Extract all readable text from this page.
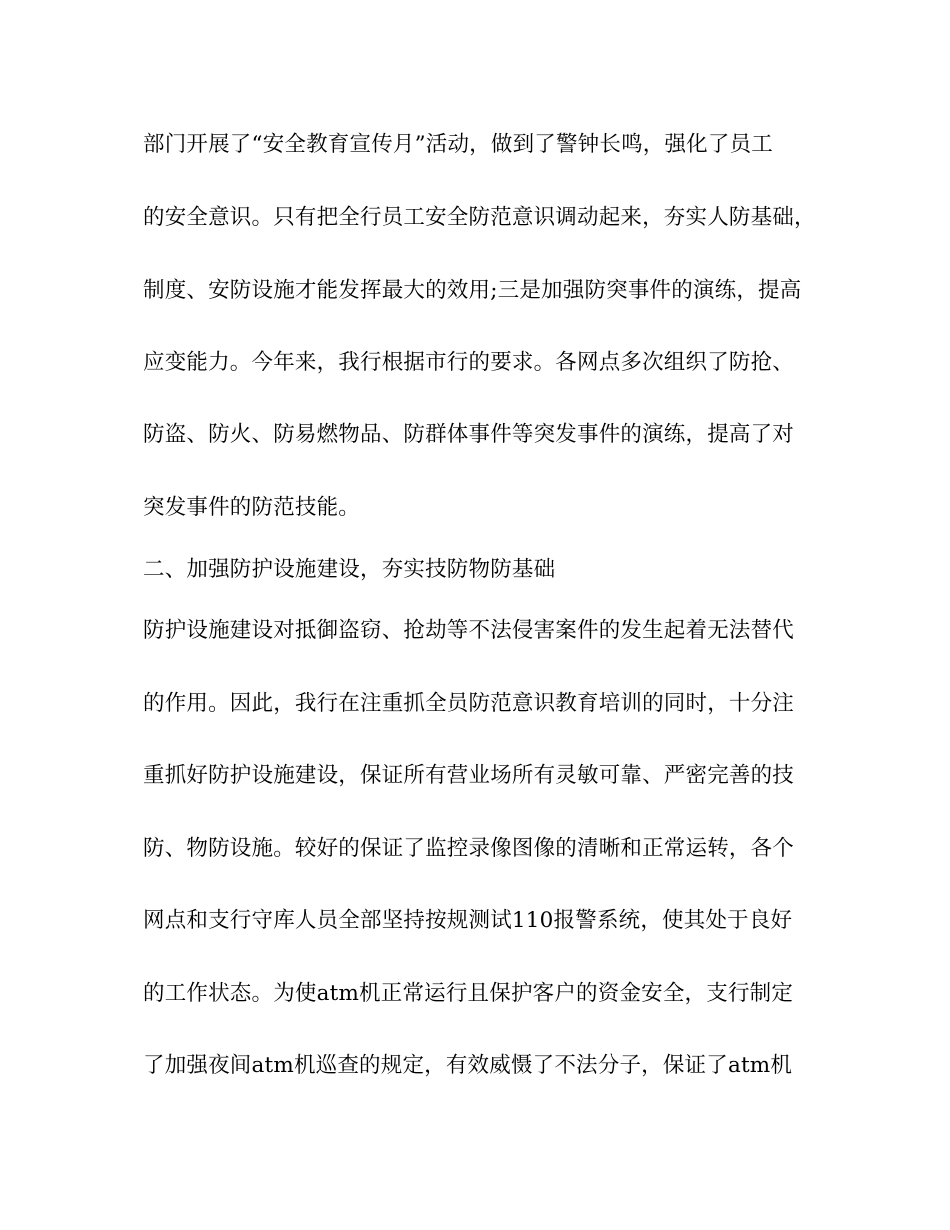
部门开展了“安全教育宣传月”活动，做到了警钟长鸣，强化了员工
的安全意识。只有把全行员工安全防范意识调动起来，夯实人防基础，
制度、安防设施才能发挥最大的效用;三是加强防突事件的演练，提高
应变能力。今年来，我行根据市行的要求。各网点多次组织了防抢、
防盗、防火、防易燃物品、防群体事件等突发事件的演练，提高了对
突发事件的防范技能。
二、加强防护设施建设，夯实技防物防基础
防护设施建设对抵御盗窃、抢劫等不法侵害案件的发生起着无法替代
的作用。因此，我行在注重抓全员防范意识教育培训的同时，十分注
重抓好防护设施建设，保证所有营业场所有灵敏可靠、严密完善的技
防、物防设施。较好的保证了监控录像图像的清晰和正常运转，各个
网点和支行守库人员全部坚持按规测试110报警系统，使其处于良好
的工作状态。为使atm机正常运行且保护客户的资金安全，支行制定
了加强夜间atm机巡查的规定，有效威慑了不法分子，保证了atm机
